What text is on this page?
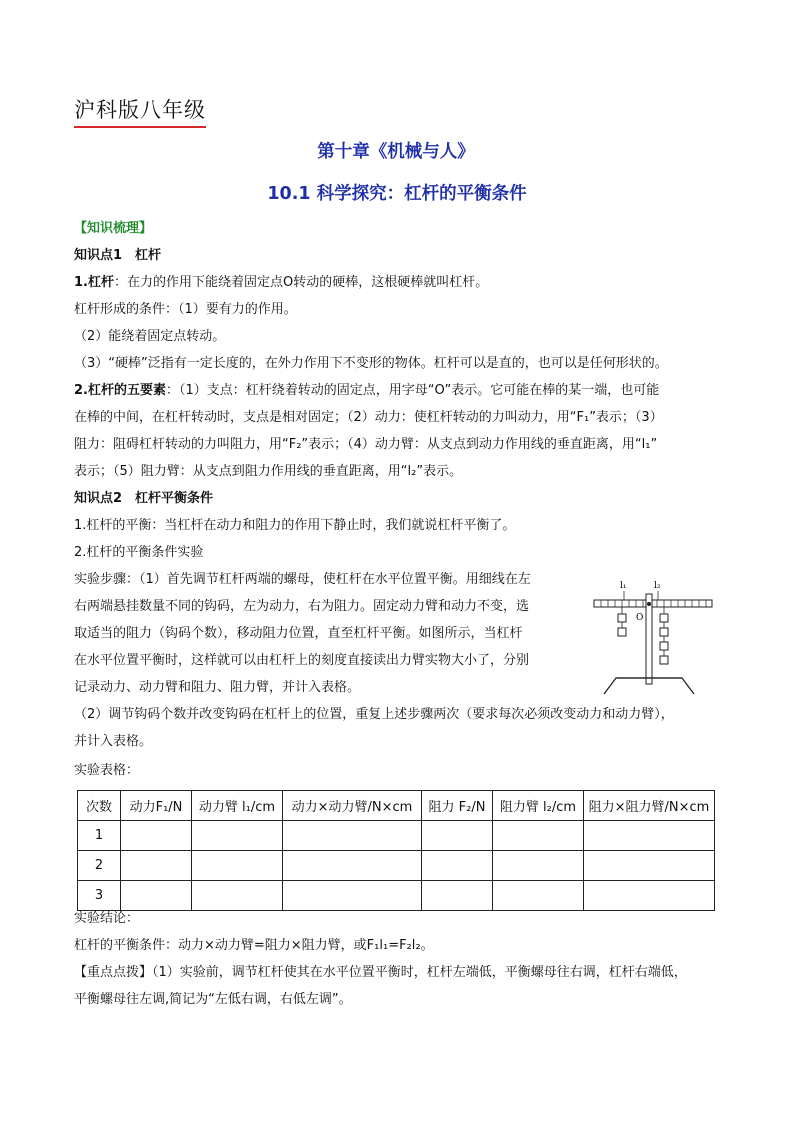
沪科版八年级
第十章《机械与人》
10.1 科学探究：杠杆的平衡条件
【知识梳理】
知识点1　杠杆
1.杠杆：在力的作用下能绕着固定点O转动的硬棒，这根硬棒就叫杠杆。
杠杆形成的条件：（1）要有力的作用。
（2）能绕着固定点转动。
（3）“硬棒”泛指有一定长度的，在外力作用下不变形的物体。杠杆可以是直的，也可以是任何形状的。
2.杠杆的五要素：（1）支点：杠杆绕着转动的固定点，用字母“O”表示。它可能在棒的某一端，也可能
在棒的中间，在杠杆转动时，支点是相对固定；（2）动力：使杠杆转动的力叫动力，用“F₁”表示；（3）
阻力：阻碍杠杆转动的力叫阻力，用“F₂”表示；（4）动力臂：从支点到动力作用线的垂直距离，用“l₁”
表示；（5）阻力臂：从支点到阻力作用线的垂直距离，用“l₂”表示。
知识点2　杠杆平衡条件
1.杠杆的平衡：当杠杆在动力和阻力的作用下静止时，我们就说杠杆平衡了。
2.杠杆的平衡条件实验
实验步骤：（1）首先调节杠杆两端的螺母，使杠杆在水平位置平衡。用细线在左
右两端悬挂数量不同的钩码，左为动力，右为阻力。固定动力臂和动力不变，选
取适当的阻力（钩码个数），移动阻力位置，直至杠杆平衡。如图所示，当杠杆
在水平位置平衡时，这样就可以由杠杆上的刻度直接读出力臂实物大小了，分别
记录动力、动力臂和阻力、阻力臂，并计入表格。
（2）调节钩码个数并改变钩码在杠杆上的位置，重复上述步骤两次（要求每次必须改变动力和动力臂），
并计入表格。
实验表格：
l₁	l₂
O
次数	动力F₁/N	动力臂 l₁/cm	动力×动力臂/N×cm	阻力 F₂/N	阻力臂 l₂/cm	阻力×阻力臂/N×cm
1						
2						
3						
实验结论：
杠杆的平衡条件：动力×动力臂=阻力×阻力臂，或F₁l₁=F₂l₂。
【重点点拨】（1）实验前，调节杠杆使其在水平位置平衡时，杠杆左端低，平衡螺母往右调，杠杆右端低，
平衡螺母往左调,简记为“左低右调，右低左调”。
